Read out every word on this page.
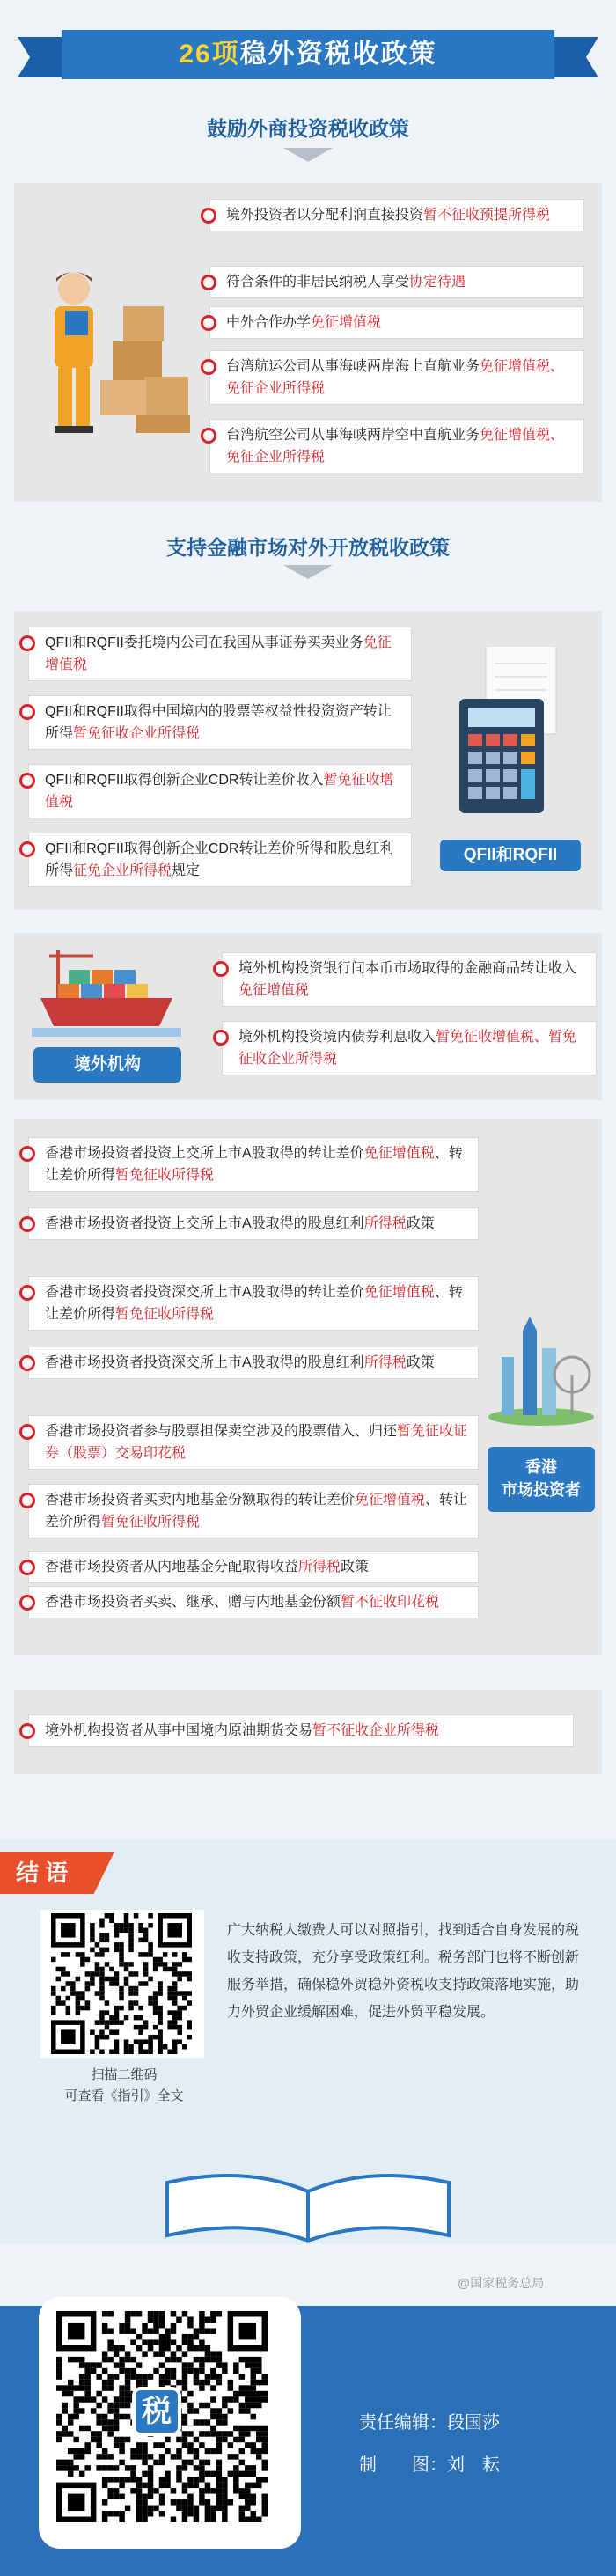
26项稳外资税收政策
鼓励外商投资税收政策
境外投资者以分配利润直接投资暂不征收预提所得税
符合条件的非居民纳税人享受协定待遇
中外合作办学免征增值税
台湾航运公司从事海峡两岸海上直航业务免征增值税、免征企业所得税
台湾航空公司从事海峡两岸空中直航业务免征增值税、免征企业所得税
支持金融市场对外开放税收政策
QFII和RQFII委托境内公司在我国从事证券买卖业务免征增值税
QFII和RQFII取得中国境内的股票等权益性投资资产转让所得暂免征收企业所得税
QFII和RQFII取得创新企业CDR转让差价收入暂免征收增值税
QFII和RQFII取得创新企业CDR转让差价所得和股息红利所得征免企业所得税规定
QFII和RQFII
境外机构
境外机构投资银行间本币市场取得的金融商品转让收入免征增值税
境外机构投资境内债券利息收入暂免征收增值税、暂免征收企业所得税
香港市场投资者投资上交所上市A股取得的转让差价免征增值税、转让差价所得暂免征收所得税
香港市场投资者投资上交所上市A股取得的股息红利所得税政策
香港市场投资者投资深交所上市A股取得的转让差价免征增值税、转让差价所得暂免征收所得税
香港市场投资者投资深交所上市A股取得的股息红利所得税政策
香港市场投资者参与股票担保卖空涉及的股票借入、归还暂免征收证券（股票）交易印花税
香港市场投资者买卖内地基金份额取得的转让差价免征增值税、转让差价所得暂免征收所得税
香港市场投资者从内地基金分配取得收益所得税政策
香港市场投资者买卖、继承、赠与内地基金份额暂不征收印花税
香港
市场投资者
境外机构投资者从事中国境内原油期货交易暂不征收企业所得税
结 语
扫描二维码
可查看《指引》全文
广大纳税人缴费人可以对照指引，找到适合自身发展的税收支持政策，充分享受政策红利。税务部门也将不断创新服务举措，确保稳外贸稳外资税收支持政策落地实施，助力外贸企业缓解困难，促进外贸平稳发展。
@国家税务总局
税	责任编辑：段国莎
制　　图：刘　耘
